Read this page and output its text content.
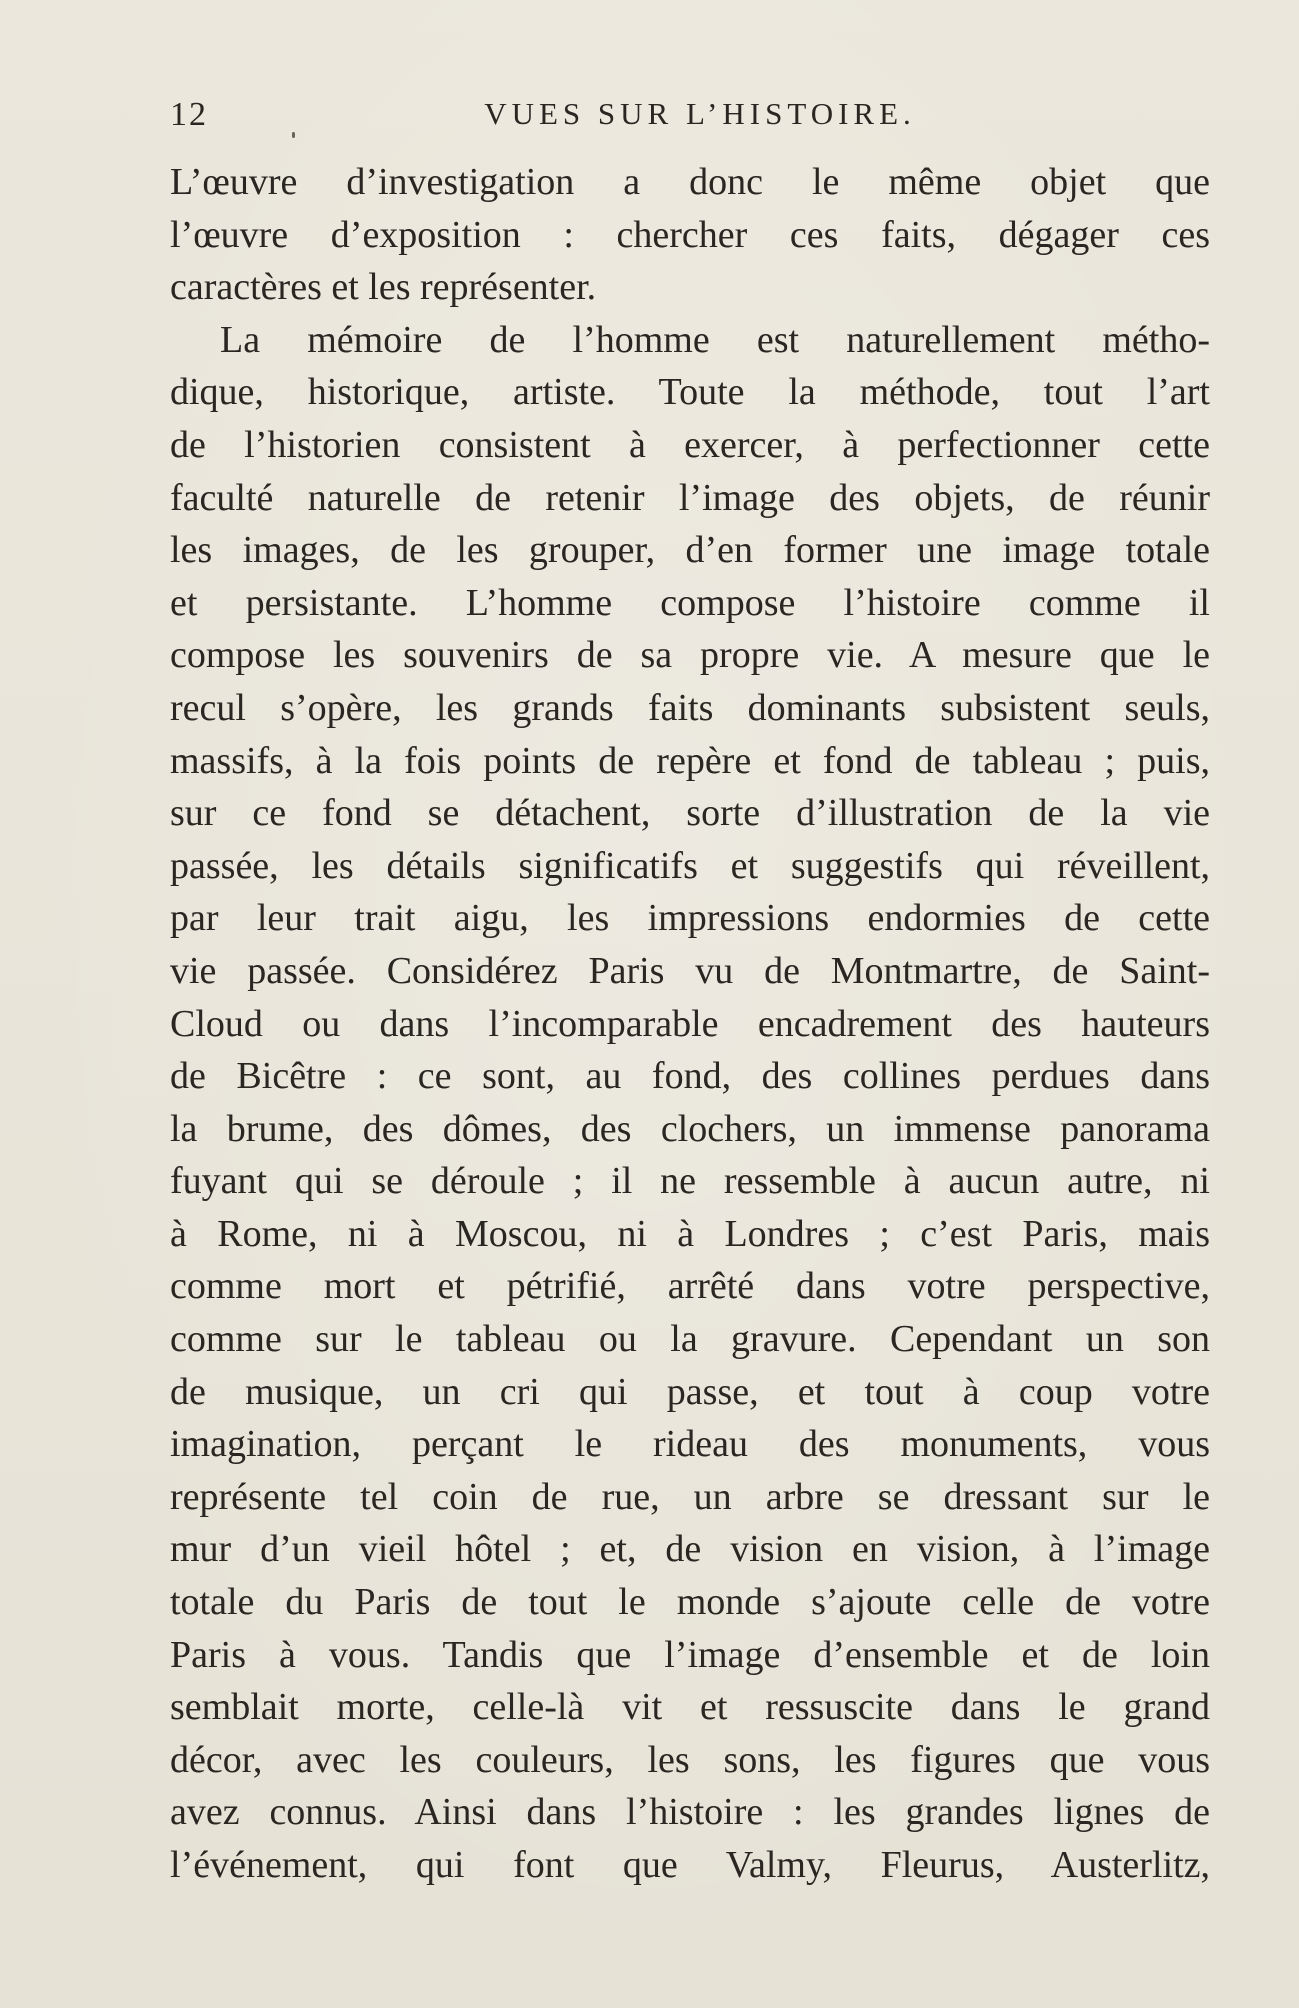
12	VUES SUR L’HISTOIRE.
L’œuvre d’investigation a donc le même objet que
l’œuvre d’exposition : chercher ces faits, dégager ces
caractères et les représenter.
La mémoire de l’homme est naturellement métho-
dique, historique, artiste. Toute la méthode, tout l’art
de l’historien consistent à exercer, à perfectionner cette
faculté naturelle de retenir l’image des objets, de réunir
les images, de les grouper, d’en former une image totale
et persistante. L’homme compose l’histoire comme il
compose les souvenirs de sa propre vie. A mesure que le
recul s’opère, les grands faits dominants subsistent seuls,
massifs, à la fois points de repère et fond de tableau ; puis,
sur ce fond se détachent, sorte d’illustration de la vie
passée, les détails significatifs et suggestifs qui réveillent,
par leur trait aigu, les impressions endormies de cette
vie passée. Considérez Paris vu de Montmartre, de Saint-
Cloud ou dans l’incomparable encadrement des hauteurs
de Bicêtre : ce sont, au fond, des collines perdues dans
la brume, des dômes, des clochers, un immense panorama
fuyant qui se déroule ; il ne ressemble à aucun autre, ni
à Rome, ni à Moscou, ni à Londres ; c’est Paris, mais
comme mort et pétrifié, arrêté dans votre perspective,
comme sur le tableau ou la gravure. Cependant un son
de musique, un cri qui passe, et tout à coup votre
imagination, perçant le rideau des monuments, vous
représente tel coin de rue, un arbre se dressant sur le
mur d’un vieil hôtel ; et, de vision en vision, à l’image
totale du Paris de tout le monde s’ajoute celle de votre
Paris à vous. Tandis que l’image d’ensemble et de loin
semblait morte, celle-là vit et ressuscite dans le grand
décor, avec les couleurs, les sons, les figures que vous
avez connus. Ainsi dans l’histoire : les grandes lignes de
l’événement, qui font que Valmy, Fleurus, Austerlitz,
